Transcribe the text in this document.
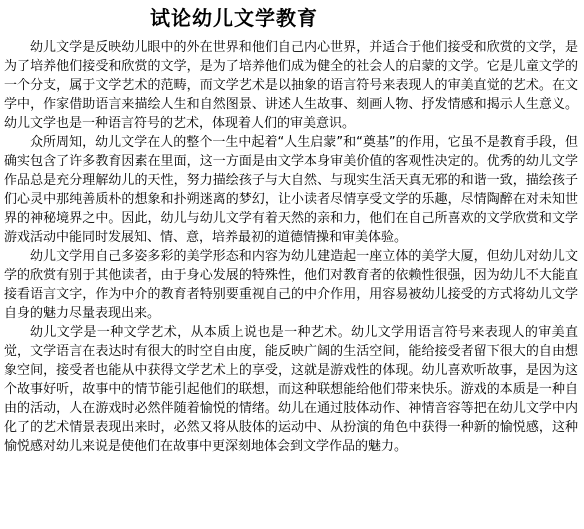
试论幼儿文学教育

幼儿文学是反映幼儿眼中的外在世界和他们自己内心世界，并适合于他们接受和欣赏的文学，是为了培养他们接受和欣赏的文学，是为了培养他们成为健全的社会人的启蒙的文学。它是儿童文学的一个分支，属于文学艺术的范畴，而文学艺术是以抽象的语言符号来表现人的审美直觉的艺术。在文学中，作家借助语言来描绘人生和自然图景、讲述人生故事、刻画人物、抒发情感和揭示人生意义。幼儿文学也是一种语言符号的艺术，体现着人们的审美意识。

众所周知，幼儿文学在人的整个一生中起着“人生启蒙”和“奠基”的作用，它虽不是教育手段，但确实包含了许多教育因素在里面，这一方面是由文学本身审美价值的客观性决定的。优秀的幼儿文学作品总是充分理解幼儿的天性，努力描绘孩子与大自然、与现实生活天真无邪的和谐一致，描绘孩子们心灵中那纯善质朴的想象和扑朔迷离的梦幻，让小读者尽情享受文学的乐趣，尽情陶醉在对未知世界的神秘境界之中。因此，幼儿与幼儿文学有着天然的亲和力，他们在自己所喜欢的文学欣赏和文学游戏活动中能同时发展知、情、意，培养最初的道德情操和审美体验。

幼儿文学用自己多姿多彩的美学形态和内容为幼儿建造起一座立体的美学大厦，但幼儿对幼儿文学的欣赏有别于其他读者，由于身心发展的特殊性，他们对教育者的依赖性很强，因为幼儿不大能直接看语言文字，作为中介的教育者特别要重视自己的中介作用，用容易被幼儿接受的方式将幼儿文学自身的魅力尽量表现出来。

幼儿文学是一种文学艺术，从本质上说也是一种艺术。幼儿文学用语言符号来表现人的审美直觉，文学语言在表达时有很大的时空自由度，能反映广阔的生活空间，能给接受者留下很大的自由想象空间，接受者也能从中获得文学艺术上的享受，这就是游戏性的体现。幼儿喜欢听故事，是因为这个故事好听，故事中的情节能引起他们的联想，而这种联想能给他们带来快乐。游戏的本质是一种自由的活动，人在游戏时必然伴随着愉悦的情绪。幼儿在通过肢体动作、神情音容等把在幼儿文学中内化了的艺术情景表现出来时，必然又将从肢体的运动中、从扮演的角色中获得一种新的愉悦感，这种愉悦感对幼儿来说是使他们在故事中更深刻地体会到文学作品的魅力。
